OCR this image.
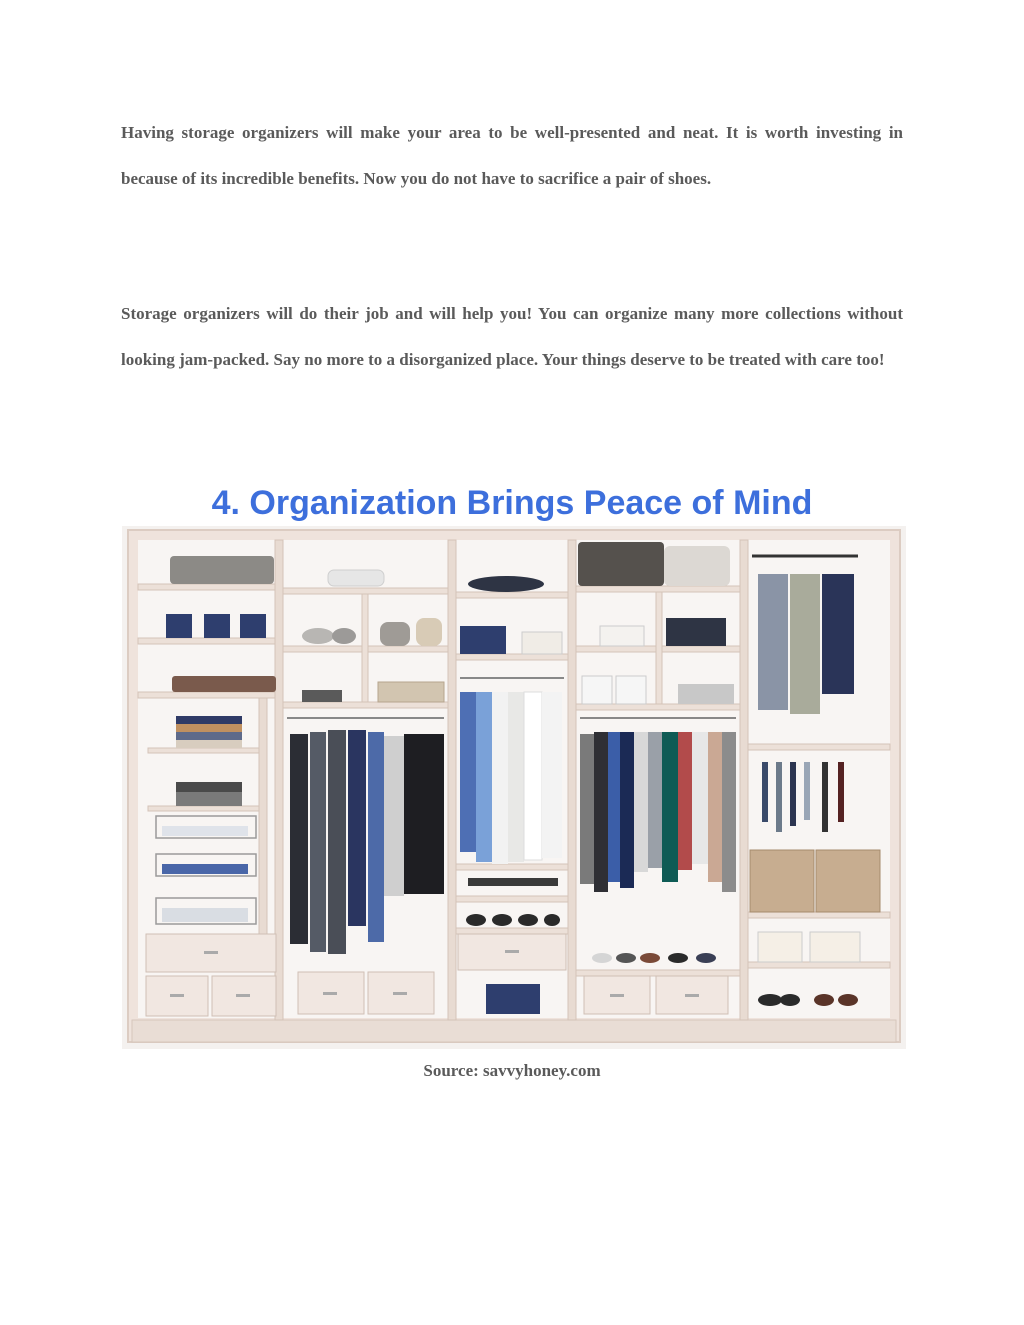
Having storage organizers will make your area to be well-presented and neat. It is worth investing in because of its incredible benefits. Now you do not have to sacrifice a pair of shoes.

Storage organizers will do their job and will help you! You can organize many more collections without looking jam-packed. Say no more to a disorganized place. Your things deserve to be treated with care too!

4. Organization Brings Peace of Mind

Source: savvyhoney.com
